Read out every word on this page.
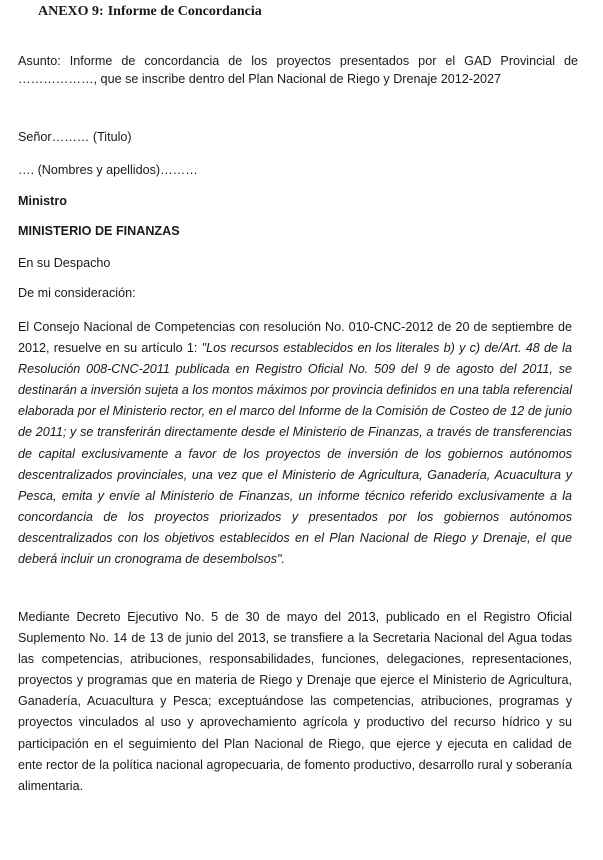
ANEXO 9: Informe de Concordancia
Asunto: Informe de concordancia de los proyectos presentados por el GAD Provincial de ………………, que se inscribe dentro del Plan Nacional de Riego y Drenaje 2012-2027
Señor……… (Titulo)
…. (Nombres y apellidos)………
Ministro
MINISTERIO DE FINANZAS
En su Despacho
De mi consideración:
El Consejo Nacional de Competencias con resolución No. 010-CNC-2012 de 20 de septiembre de 2012, resuelve en su artículo 1: "Los recursos establecidos en los literales b) y c) de/Art. 48 de la Resolución 008-CNC-2011 publicada en Registro Oficial No. 509 del 9 de agosto del 2011, se destinarán a inversión sujeta a los montos máximos por provincia definidos en una tabla referencial elaborada por el Ministerio rector, en el marco del Informe de la Comisión de Costeo de 12 de junio de 2011; y se transferirán directamente desde el Ministerio de Finanzas, a través de transferencias de capital exclusivamente a favor de los proyectos de inversión de los gobiernos autónomos descentralizados provinciales, una vez que el Ministerio de Agricultura, Ganadería, Acuacultura y Pesca, emita y envíe al Ministerio de Finanzas, un informe técnico referido exclusivamente a la concordancia de los proyectos priorizados y presentados por los gobiernos autónomos descentralizados con los objetivos establecidos en el Plan Nacional de Riego y Drenaje, el que deberá incluir un cronograma de desembolsos".
Mediante Decreto Ejecutivo No. 5 de 30 de mayo del 2013, publicado en el Registro Oficial Suplemento No. 14 de 13 de junio del 2013, se transfiere a la Secretaria Nacional del Agua todas las competencias, atribuciones, responsabilidades, funciones, delegaciones, representaciones, proyectos y programas que en materia de Riego y Drenaje que ejerce el Ministerio de Agricultura, Ganadería, Acuacultura y Pesca; exceptuándose las competencias, atribuciones, programas y proyectos vinculados al uso y aprovechamiento agrícola y productivo del recurso hídrico y su participación en el seguimiento del Plan Nacional de Riego, que ejerce y ejecuta en calidad de ente rector de la política nacional agropecuaria, de fomento productivo, desarrollo rural y soberanía alimentaria.
